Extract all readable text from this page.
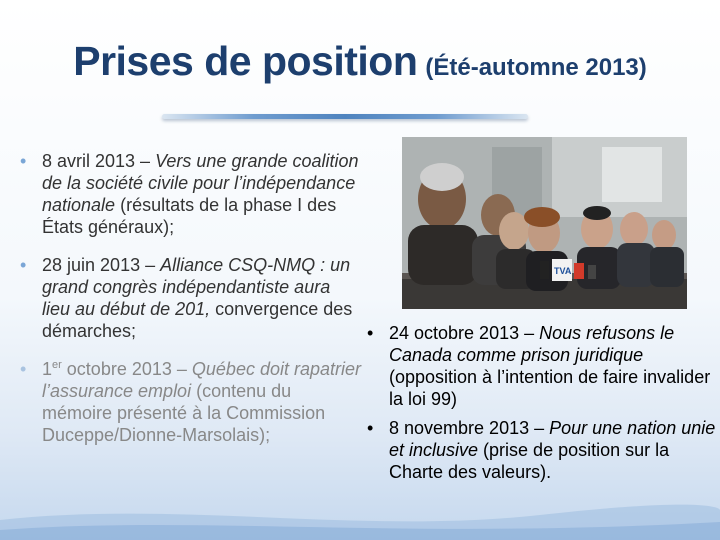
Prises de position (Été-automne 2013)
• 8 avril 2013 – Vers une grande coalition de la société civile pour l’indépendance nationale (résultats de la phase I des États généraux);
• 28 juin 2013 – Alliance CSQ-NMQ : un grand congrès indépendantiste aura lieu au début de 201, convergence des démarches;
• 1er octobre 2013 – Québec doit rapatrier l’assurance emploi (contenu du mémoire présenté à la Commission Duceppe/Dionne-Marsolais);
TVA
• 24 octobre 2013 – Nous refusons le Canada comme prison juridique (opposition à l’intention de faire invalider la loi 99)
• 8 novembre 2013 – Pour une nation unie et inclusive (prise de position sur la Charte des valeurs).
